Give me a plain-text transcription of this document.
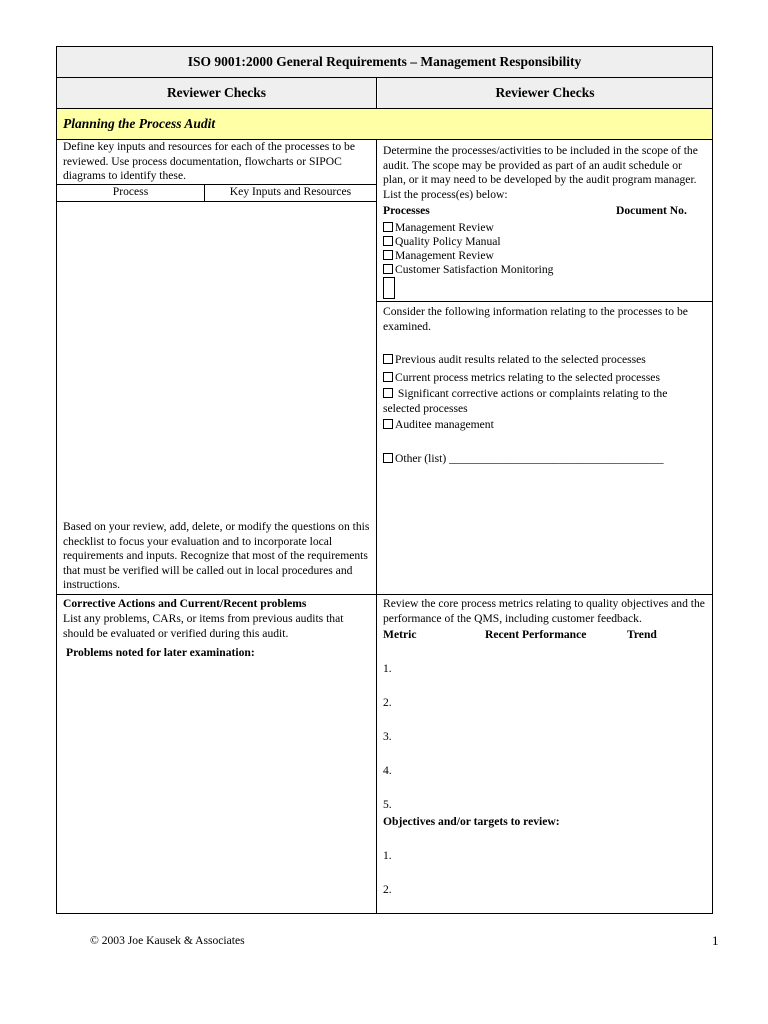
ISO 9001:2000 General Requirements – Management Responsibility
Reviewer Checks	Reviewer Checks
Planning the Process Audit
Define key inputs and resources for each of the processes to be reviewed. Use process documentation, flowcharts or SIPOC diagrams to identify these.
Process	Key Inputs and Resources
Based on your review, add, delete, or modify the questions on this checklist to focus your evaluation and to incorporate local requirements and inputs. Recognize that most of the requirements that must be verified will be called out in local procedures and instructions.
Determine the processes/activities to be included in the scope of the audit. The scope may be provided as part of an audit schedule or plan, or it may need to be developed by the audit program manager. List the process(es) below:
Processes	Document No.
Management Review
Quality Policy Manual
Management Review
Customer Satisfaction Monitoring
Consider the following information relating to the processes to be examined.
Previous audit results related to the selected processes
Current process metrics relating to the selected processes
Significant corrective actions or complaints relating to the selected processes
Auditee management
Other (list) _____________________________________
Corrective Actions and Current/Recent problems
List any problems, CARs, or items from previous audits that should be evaluated or verified during this audit.
Problems noted for later examination:
Review the core process metrics relating to quality objectives and the performance of the QMS, including customer feedback.
Metric	Recent Performance	Trend
1.
2.
3.
4.
5.
Objectives and/or targets to review:
1.
2.
© 2003 Joe Kausek & Associates	1
